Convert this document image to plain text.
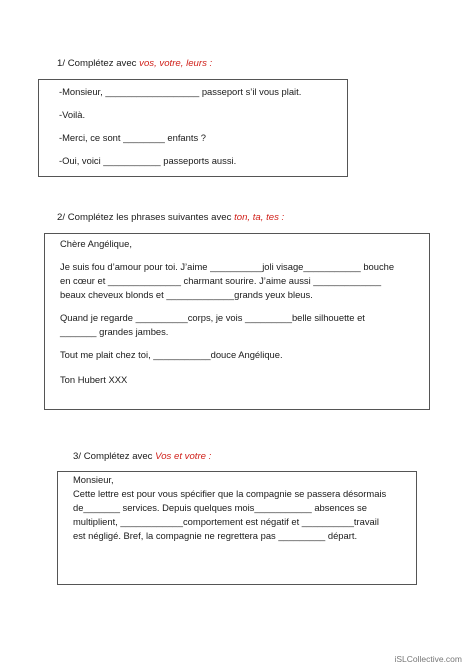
1/ Complétez avec vos, votre, leurs :

-Monsieur, __________________ passeport s’il vous plait.

-Voilà.

-Merci, ce sont ________ enfants ?

-Oui, voici ___________ passeports aussi.

2/ Complétez les phrases suivantes avec ton, ta, tes :

Chère Angélique,

Je suis fou d’amour pour toi. J’aime __________joli visage___________ bouche

en cœur et ______________ charmant sourire. J’aime aussi _____________

beaux cheveux blonds et _____________grands yeux bleus.

Quand je regarde __________corps, je vois _________belle silhouette et

_______ grandes jambes.

Tout me plait chez toi, ___________douce Angélique.

Ton Hubert XXX

3/ Complétez avec Vos et votre :

Monsieur,

Cette lettre est pour vous spécifier que la compagnie se passera désormais

de_______ services. Depuis quelques mois___________ absences se

multiplient, ____________comportement est négatif et __________travail

est négligé. Bref, la compagnie ne regrettera pas _________ départ.

iSLCollective.com
